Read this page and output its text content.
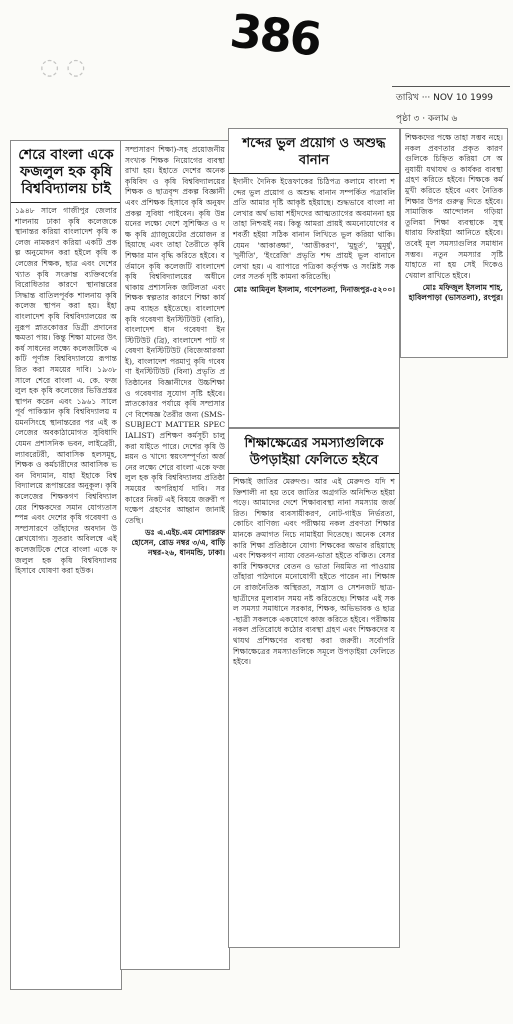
386
◌ ◌
তারিখ ··· NOV 10 1999
পৃষ্ঠা ৩ · কলাম ৬
শেরে বাংলা একে ফজলুল হক কৃষি বিশ্ববিদ্যালয় চাই
১৯৪৮ সালে গাজীপুর জেলার শালনায় ঢাকা কৃষি কলেজকে স্থানান্তর করিয়া বাংলাদেশ কৃষি কলেজ নামকরণ করিয়া একটি প্রকল্প অনুমোদন করা হইলে কৃষি কলেজের শিক্ষক, ছাত্র এবং দেশের খ্যাত কৃষি সংক্রান্ত ব্যক্তিবর্গের বিরোধিতার কারণে স্থানান্তরের সিদ্ধান্ত বাতিলপূর্বক শালনায় কৃষি কলেজ স্থাপন করা হয়। ইহা বাংলাদেশ কৃষি বিশ্ববিদ্যালয়ের অনুরূপ স্নাতকোত্তর ডিগ্রী প্রদানের ক্ষমতা পায়। কিন্তু শিক্ষা মানের উৎকর্ষ সাধনের লক্ষ্যে কলেজটিকে একটি পূর্ণাঙ্গ বিশ্ববিদ্যালয়ে রূপান্তরিত করা সময়ের দাবি। ১৯৩৮ সালে শেরে বাংলা এ. কে. ফজলুল হক কৃষি কলেজের ভিত্তিপ্রস্তর স্থাপন করেন এবং ১৯৬১ সালে পূর্ব পাকিস্তান কৃষি বিশ্ববিদ্যালয় ময়মনসিংহে স্থানান্তরের পর এই কলেজের অবকাঠামোগত সুবিধাদি যেমন প্রশাসনিক ভবন, লাইব্রেরী, ল্যাবরেটরী, আবাসিক হলসমূহ, শিক্ষক ও কর্মচারীদের আবাসিক ভবন বিদ্যমান, যাহা ইহাকে বিশ্ববিদ্যালয়ে রূপান্তরের অনুকূল। কৃষি কলেজের শিক্ষকগণ বিশ্ববিদ্যালয়ের শিক্ষকদের সমান যোগ্যতাসম্পন্ন এবং দেশের কৃষি গবেষণা ও সম্প্রসারণে তাঁহাদের অবদান উল্লেখযোগ্য। সুতরাং অবিলম্বে এই কলেজটিকে শেরে বাংলা একে ফজলুল হক কৃষি বিশ্ববিদ্যালয় হিসাবে ঘোষণা করা হউক।
সম্প্রসারণ শিক্ষা)-সহ প্রয়োজনীয় সংখ্যক শিক্ষক নিয়োগের ব্যবস্থা রাখা হয়। ইহাতে দেশের অনেক কৃষিবিদ ও কৃষি বিশ্ববিদ্যালয়ের শিক্ষক ও ছাত্রবৃন্দ প্রকল্প বিজ্ঞানী এবং প্রশিক্ষক হিসাবে কৃষি অনুষদ প্রকল্প সুবিধা পাইবেন। কৃষি উন্নয়নের লক্ষ্যে দেশে সুশিক্ষিত ও দক্ষ কৃষি গ্র্যাজুয়েটের প্রয়োজন রহিয়াছে এবং তাহা তৈরীতে কৃষি শিক্ষার মান বৃদ্ধি করিতে হইবে। বর্তমানে কৃষি কলেজটি বাংলাদেশ কৃষি বিশ্ববিদ্যালয়ের অধীনে থাকায় প্রশাসনিক জটিলতা এবং শিক্ষক স্বল্পতার কারণে শিক্ষা কার্যক্রম ব্যাহত হইতেছে। বাংলাদেশ কৃষি গবেষণা ইনস্টিটিউট (বারি), বাংলাদেশ ধান গবেষণা ইনস্টিটিউট (ব্রি), বাংলাদেশ পাট গবেষণা ইনস্টিটিউট (বিজেআরআই), বাংলাদেশ পরমাণু কৃষি গবেষণা ইনস্টিটিউট (বিনা) প্রভৃতি প্রতিষ্ঠানের বিজ্ঞানীদের উচ্চশিক্ষা ও গবেষণার সুযোগ সৃষ্টি হইবে। স্নাতকোত্তর পর্যায়ে কৃষি সম্প্রসারণে বিশেষজ্ঞ তৈরীর জন্য (SMS-SUBJECT MATTER SPECIALIST) প্রশিক্ষণ কর্মসূচী চালু করা যাইতে পারে। দেশের কৃষি উন্নয়ন ও খাদ্যে স্বয়ংসম্পূর্ণতা অর্জনের লক্ষ্যে শেরে বাংলা একে ফজলুল হক কৃষি বিশ্ববিদ্যালয় প্রতিষ্ঠা সময়ের অপরিহার্য দাবি। সরকারের নিকট এই বিষয়ে জরুরী পদক্ষেপ গ্রহণের আহ্বান জানাইতেছি।
ডঃ এ.এইচ.এম মোশাররফ হোসেন, রোড নম্বর ৩/এ, বাড়ি নম্বর-২৬, ধানমন্ডি, ঢাকা।
শব্দের ভুল প্রয়োগ ও অশুদ্ধ বানান
ইদানীং দৈনিক ইত্তেফাকের চিঠিপত্র কলামে বাংলা শব্দের ভুল প্রয়োগ ও অশুদ্ধ বানান সম্পর্কিত পত্রাবলি প্রতি আমার দৃষ্টি আকৃষ্ট হইয়াছে। শুদ্ধভাবে বাংলা না লেখার অর্থ ভাষা শহীদদের আত্মত্যাগের অবমাননা হয় তাহা নিশ্চয়ই নয়। কিন্তু আমরা প্রায়ই অমনোযোগের বশবর্তী হইয়া সঠিক বানান লিখিতে ভুল করিয়া থাকি। যেমন 'আকাঙ্ক্ষা', 'আত্তীকরণ', 'মুহূর্ত', 'মুমূর্ষু', 'দুর্নীতি', 'ইংরেজি' প্রভৃতি শব্দ প্রায়ই ভুল বানানে লেখা হয়। এ ব্যাপারে পত্রিকা কর্তৃপক্ষ ও সংশ্লিষ্ট সকলের সতর্ক দৃষ্টি কামনা করিতেছি।
মোঃ আমিনুল ইসলাম, গণেশতলা, দিনাজপুর-৫২০০।
শিক্ষাক্ষেত্রের সমস্যাগুলিকে উপড়াইয়া ফেলিতে হইবে
শিক্ষাই জাতির মেরুদণ্ড। আর এই মেরুদণ্ড যদি শক্তিশালী না হয় তবে জাতির অগ্রগতি অনিশ্চিত হইয়া পড়ে। আমাদের দেশে শিক্ষাব্যবস্থা নানা সমস্যায় জর্জরিত। শিক্ষার ব্যবসায়ীকরণ, নোট-গাইড নির্ভরতা, কোচিং বাণিজ্য এবং পরীক্ষায় নকল প্রবণতা শিক্ষার মানকে ক্রমাগত নিচে নামাইয়া দিতেছে। অনেক বেসরকারি শিক্ষা প্রতিষ্ঠানে যোগ্য শিক্ষকের অভাব রহিয়াছে এবং শিক্ষকগণ ন্যায্য বেতন-ভাতা হইতে বঞ্চিত। বেসরকারি শিক্ষকদের বেতন ও ভাতা নিয়মিত না পাওয়ায় তাঁহারা পাঠদানে মনোযোগী হইতে পারেন না। শিক্ষাঙ্গনে রাজনৈতিক অস্থিরতা, সন্ত্রাস ও সেশনজট ছাত্র-ছাত্রীদের মূল্যবান সময় নষ্ট করিতেছে। শিক্ষার এই সকল সমস্যা সমাধানে সরকার, শিক্ষক, অভিভাবক ও ছাত্র-ছাত্রী সকলকে একযোগে কাজ করিতে হইবে। পরীক্ষায় নকল প্রতিরোধে কঠোর ব্যবস্থা গ্রহণ এবং শিক্ষকদের যথাযথ প্রশিক্ষণের ব্যবস্থা করা জরুরী। সর্বোপরি শিক্ষাক্ষেত্রের সমস্যাগুলিকে সমূলে উপড়াইয়া ফেলিতে হইবে।
শিক্ষকদের পক্ষে তাহা সম্ভব নহে। নকল প্রবণতার প্রকৃত কারণগুলিকে চিহ্নিত করিয়া সে অনুযায়ী যথাযথ ও কার্যকর ব্যবস্থা গ্রহণ করিতে হইবে। শিক্ষকে কর্মমুখী করিতে হইবে এবং নৈতিক শিক্ষার উপর গুরুত্ব দিতে হইবে। সামাজিক আন্দোলন গড়িয়া তুলিয়া শিক্ষা ব্যবস্থাকে সুস্থ ধারায় ফিরাইয়া আনিতে হইবে। তবেই মূল সমস্যাগুলির সমাধান সম্ভব। নতুন সমস্যার সৃষ্টি যাহাতে না হয় সেই দিকেও খেয়াল রাখিতে হইবে।
মোঃ মফিজুল ইসলাম শাহ, হাবিলপাড়া (ভাসতলা), রংপুর।
